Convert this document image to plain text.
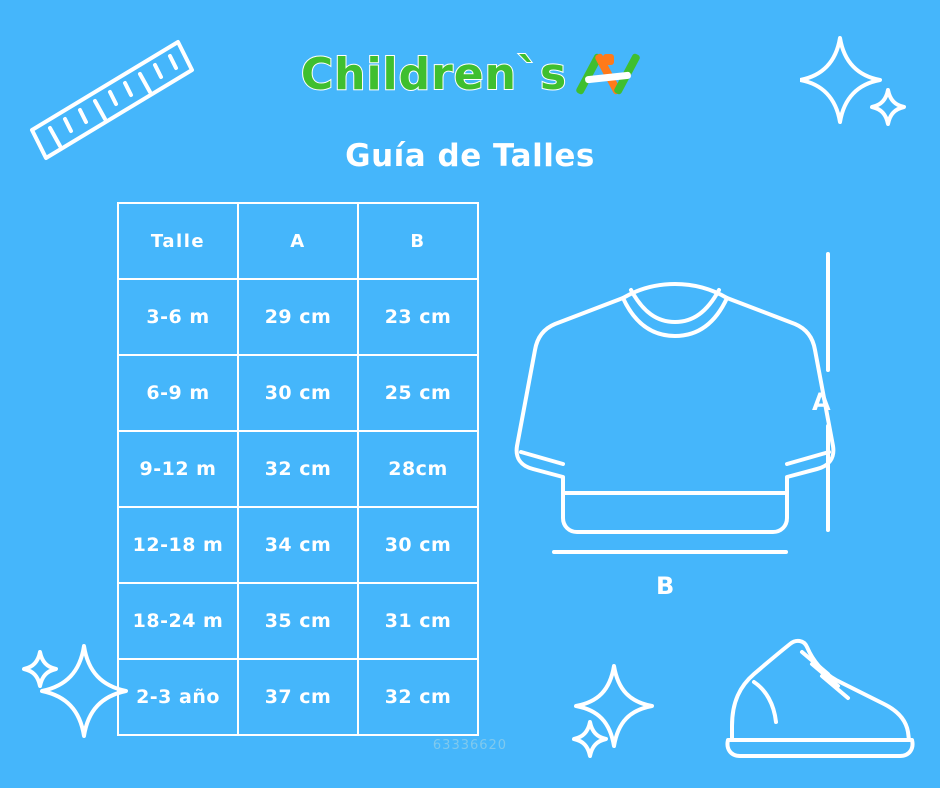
Children`s
Guía de Talles
Talle	A	B
3-6 m	29 cm	23 cm
6-9 m	30 cm	25 cm
9-12 m	32 cm	28cm
12-18 m	34 cm	30 cm
18-24 m	35 cm	31 cm
2-3 año	37 cm	32 cm
A
B
63336620
